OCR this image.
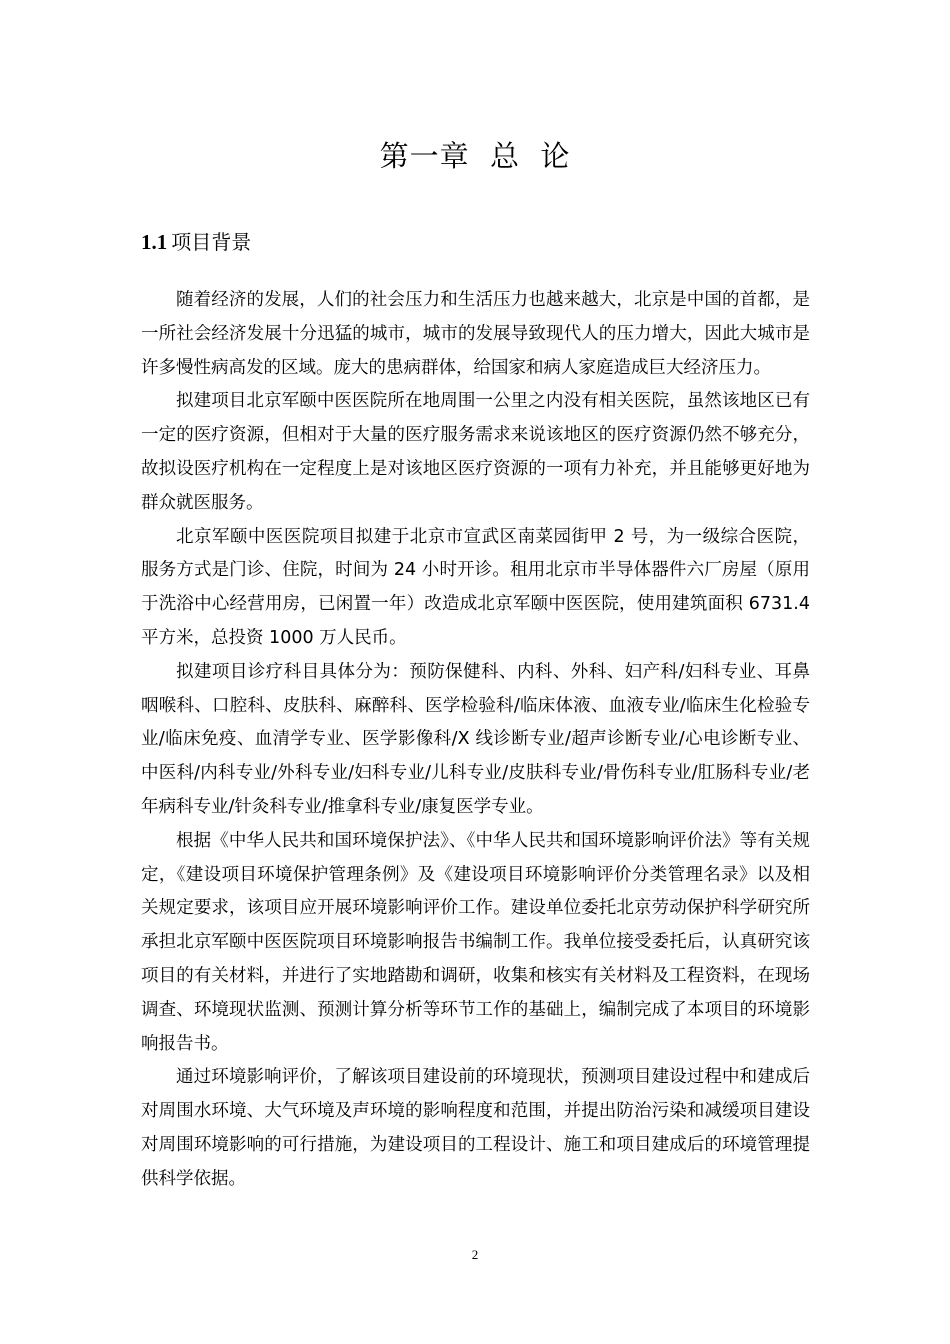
第一章  总  论
1.1 项目背景

随着经济的发展，人们的社会压力和生活压力也越来越大，北京是中国的首都，是一所社会经济发展十分迅猛的城市，城市的发展导致现代人的压力增大，因此大城市是许多慢性病高发的区域。庞大的患病群体，给国家和病人家庭造成巨大经济压力。

拟建项目北京军颐中医医院所在地周围一公里之内没有相关医院，虽然该地区已有一定的医疗资源，但相对于大量的医疗服务需求来说该地区的医疗资源仍然不够充分，故拟设医疗机构在一定程度上是对该地区医疗资源的一项有力补充，并且能够更好地为群众就医服务。

北京军颐中医医院项目拟建于北京市宣武区南菜园街甲 2 号，为一级综合医院，服务方式是门诊、住院，时间为 24 小时开诊。租用北京市半导体器件六厂房屋（原用于洗浴中心经营用房，已闲置一年）改造成北京军颐中医医院，使用建筑面积 6731.4 平方米，总投资 1000 万人民币。

拟建项目诊疗科目具体分为：预防保健科、内科、外科、妇产科/妇科专业、耳鼻咽喉科、口腔科、皮肤科、麻醉科、医学检验科/临床体液、血液专业/临床生化检验专业/临床免疫、血清学专业、医学影像科/X 线诊断专业/超声诊断专业/心电诊断专业、中医科/内科专业/外科专业/妇科专业/儿科专业/皮肤科专业/骨伤科专业/肛肠科专业/老年病科专业/针灸科专业/推拿科专业/康复医学专业。

根据《中华人民共和国环境保护法》、《中华人民共和国环境影响评价法》等有关规定，《建设项目环境保护管理条例》及《建设项目环境影响评价分类管理名录》以及相关规定要求，该项目应开展环境影响评价工作。建设单位委托北京劳动保护科学研究所承担北京军颐中医医院项目环境影响报告书编制工作。我单位接受委托后，认真研究该项目的有关材料，并进行了实地踏勘和调研，收集和核实有关材料及工程资料，在现场调查、环境现状监测、预测计算分析等环节工作的基础上，编制完成了本项目的环境影响报告书。

通过环境影响评价，了解该项目建设前的环境现状，预测项目建设过程中和建成后对周围水环境、大气环境及声环境的影响程度和范围，并提出防治污染和减缓项目建设对周围环境影响的可行措施，为建设项目的工程设计、施工和项目建成后的环境管理提供科学依据。

2
